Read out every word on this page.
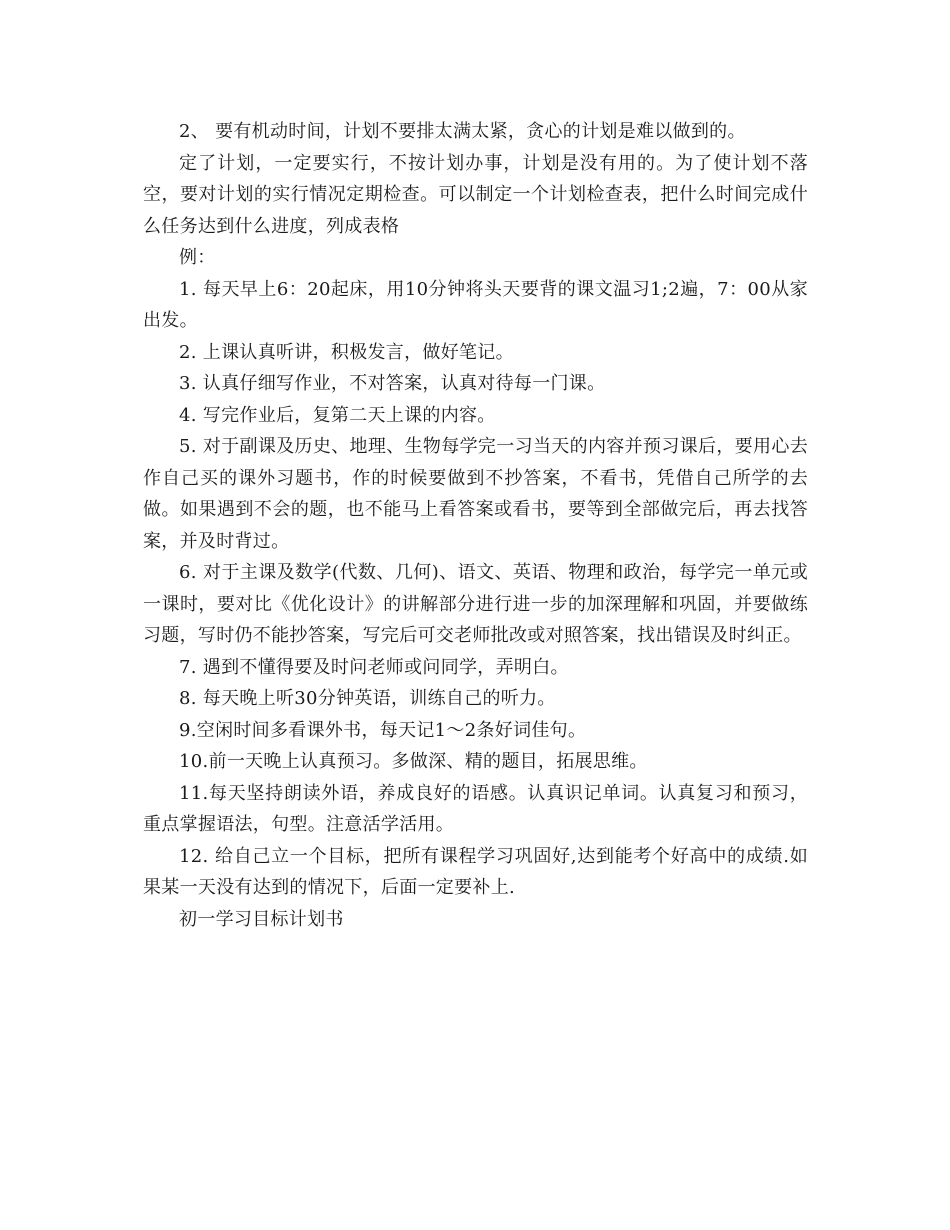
2、 要有机动时间，计划不要排太满太紧，贪心的计划是难以做到的。

定了计划，一定要实行，不按计划办事，计划是没有用的。为了使计划不落空，要对计划的实行情况定期检查。可以制定一个计划检查表，把什么时间完成什么任务达到什么进度，列成表格

例：

1. 每天早上6：20起床，用10分钟将头天要背的课文温习1;2遍，7：00从家出发。

2. 上课认真听讲，积极发言，做好笔记。

3. 认真仔细写作业，不对答案，认真对待每一门课。

4. 写完作业后，复第二天上课的内容。

5. 对于副课及历史、地理、生物每学完一习当天的内容并预习课后，要用心去作自己买的课外习题书，作的时候要做到不抄答案，不看书，凭借自己所学的去做。如果遇到不会的题，也不能马上看答案或看书，要等到全部做完后，再去找答案，并及时背过。

6. 对于主课及数学(代数、几何)、语文、英语、物理和政治，每学完一单元或一课时，要对比《优化设计》的讲解部分进行进一步的加深理解和巩固，并要做练习题，写时仍不能抄答案，写完后可交老师批改或对照答案，找出错误及时纠正。

7. 遇到不懂得要及时问老师或问同学，弄明白。

8. 每天晚上听30分钟英语，训练自己的听力。

9.空闲时间多看课外书，每天记1～2条好词佳句。

10.前一天晚上认真预习。多做深、精的题目，拓展思维。

11.每天坚持朗读外语，养成良好的语感。认真识记单词。认真复习和预习，重点掌握语法，句型。注意活学活用。

12. 给自己立一个目标，把所有课程学习巩固好,达到能考个好高中的成绩.如果某一天没有达到的情况下，后面一定要补上.

初一学习目标计划书
